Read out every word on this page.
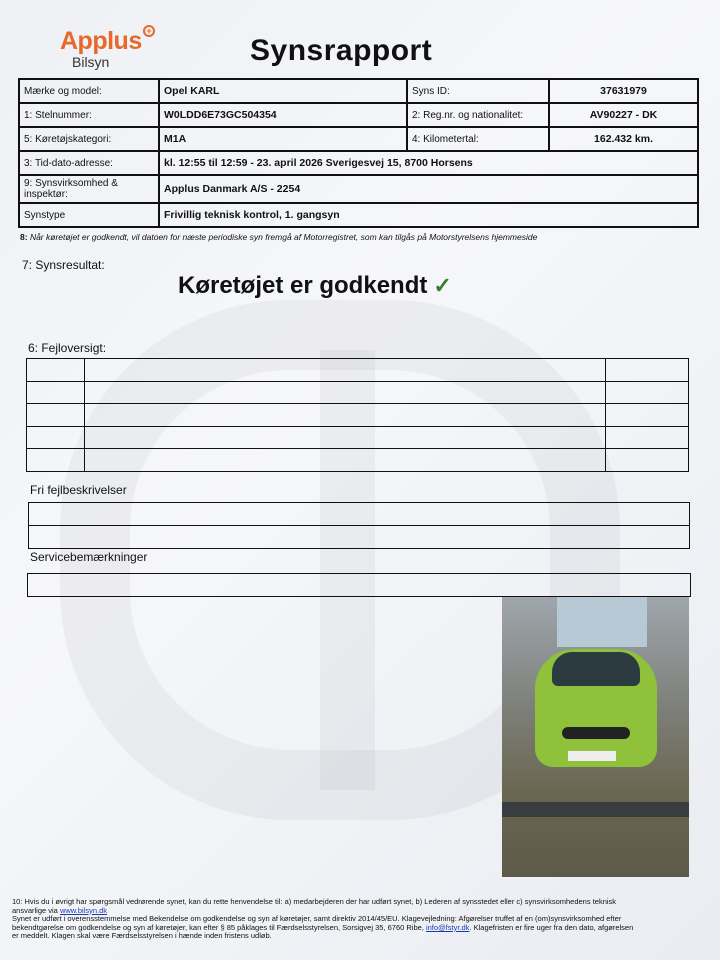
Applus +
Bilsyn	Synsrapport
Mærke og model:	Opel KARL	Syns ID:	37631979
1: Stelnummer:	W0LDD6E73GC504354	2: Reg.nr. og nationalitet:	AV90227 - DK
5: Køretøjskategori:	M1A	4: Kilometertal:	162.432 km.
3: Tid-dato-adresse:	kl. 12:55 til 12:59 - 23. april 2026 Sverigesvej 15, 8700 Horsens		
9: Synsvirksomhed & inspektør:	Applus Danmark A/S - 2254		
Synstype	Frivillig teknisk kontrol, 1. gangsyn		
8: Når køretøjet er godkendt, vil datoen for næste periodiske syn fremgå af Motorregistret, som kan tilgås på Motorstyrelsens hjemmeside
7: Synsresultat:
Køretøjet er godkendt ✓
6: Fejloversigt:

Fri fejlbeskrivelser
Servicebemærkninger
10: Hvis du i øvrigt har spørgsmål vedrørende synet, kan du rette henvendelse til: a) medarbejderen der har udført synet, b) Lederen af synsstedet eller c) synsvirksomhedens teknisk
ansvarlige via www.bilsyn.dk
Synet er udført i overensstemmelse med Bekendelse om godkendelse og syn af køretøjer, samt direktiv 2014/45/EU. Klagevejledning: Afgørelser truffet af en (om)synsvirksomhed efter
bekendtgørelse om godkendelse og syn af køretøjer, kan efter § 85 påklages til Færdselsstyrelsen, Sorsigvej 35, 6760 Ribe, info@fstyr.dk. Klagefristen er fire uger fra den dato, afgørelsen
er meddelt. Klagen skal være Færdselsstyrelsen i hænde inden fristens udløb.
